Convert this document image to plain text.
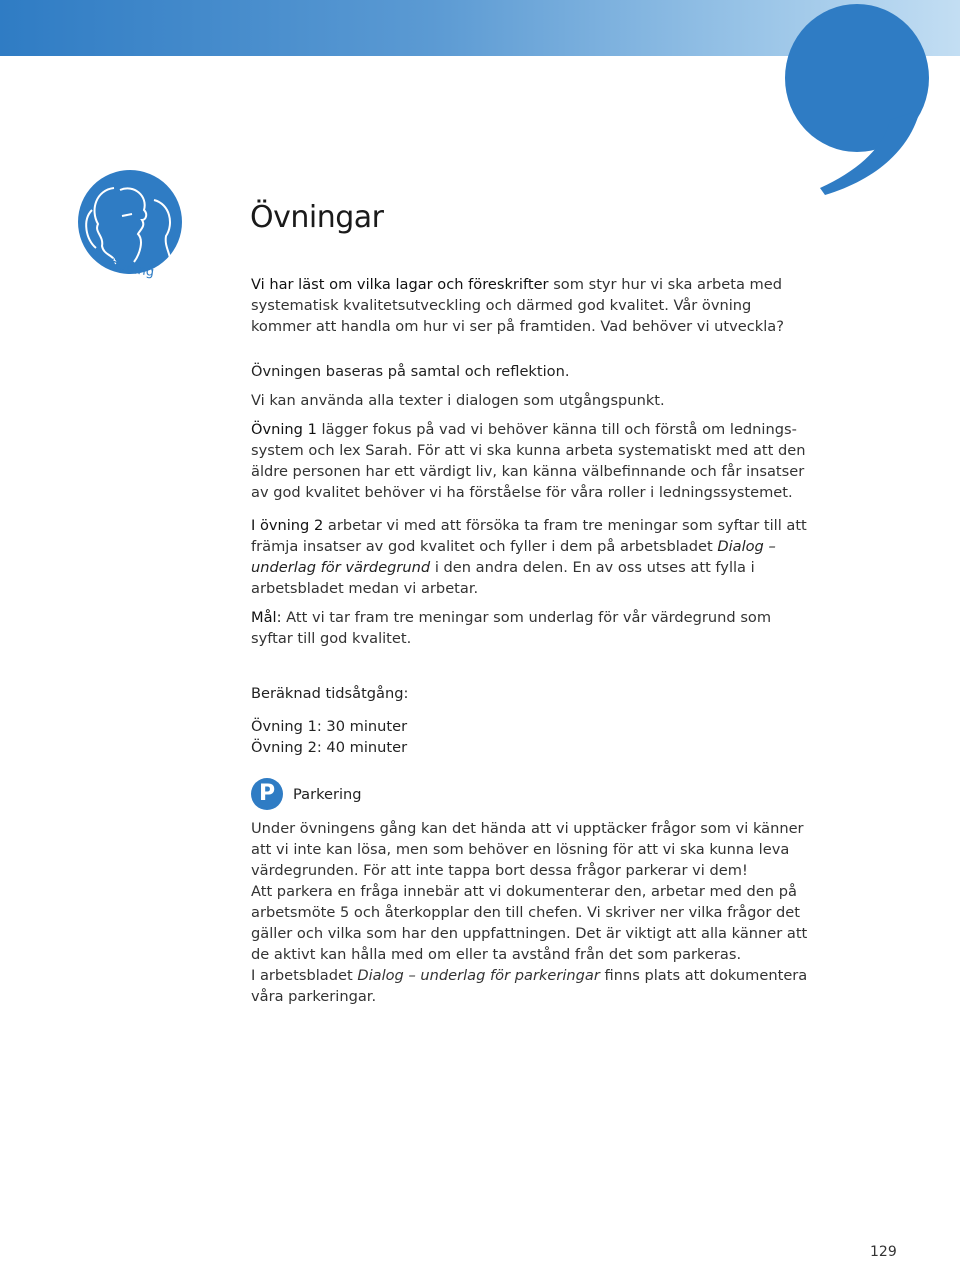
Övning
Övningar

Vi har läst om vilka lagar och föreskrifter som styr hur vi ska arbeta med systematisk kvalitetsutveckling och därmed god kvalitet. Vår övning kommer att handla om hur vi ser på framtiden. Vad behöver vi utveckla?

Övningen baseras på samtal och reflektion.

Vi kan använda alla texter i dialogen som utgångspunkt.

Övning 1 lägger fokus på vad vi behöver känna till och förstå om ledningssystem och lex Sarah. För att vi ska kunna arbeta systematiskt med att den äldre personen har ett värdigt liv, kan känna välbefinnande och får insatser av god kvalitet behöver vi ha förståelse för våra roller i ledningssystemet.

I övning 2 arbetar vi med att försöka ta fram tre meningar som syftar till att främja insatser av god kvalitet och fyller i dem på arbetsbladet Dialog – underlag för värdegrund i den andra delen. En av oss utses att fylla i arbetsbladet medan vi arbetar.

Mål: Att vi tar fram tre meningar som underlag för vår värdegrund som syftar till god kvalitet.

Beräknad tidsåtgång:

Övning 1: 30 minuter

Övning 2: 40 minuter

P	Parkering

Under övningens gång kan det hända att vi upptäcker frågor som vi känner att vi inte kan lösa, men som behöver en lösning för att vi ska kunna leva värdegrunden. För att inte tappa bort dessa frågor parkerar vi dem!

Att parkera en fråga innebär att vi dokumenterar den, arbetar med den på arbetsmöte 5 och återkopplar den till chefen. Vi skriver ner vilka frågor det gäller och vilka som har den uppfattningen. Det är viktigt att alla känner att de aktivt kan hålla med om eller ta avstånd från det som parkeras.

I arbetsbladet Dialog – underlag för parkeringar finns plats att dokumentera våra parkeringar.

129
